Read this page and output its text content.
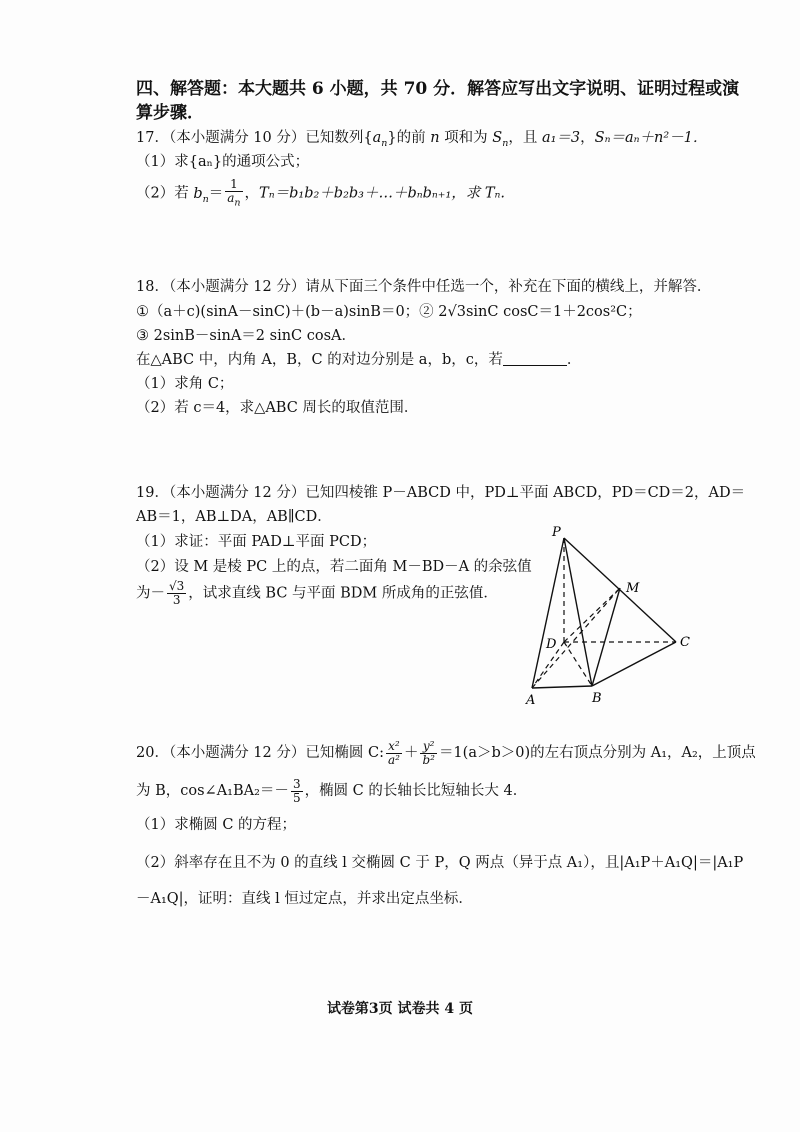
四、解答题：本大题共 6 小题，共 70 分．解答应写出文字说明、证明过程或演
算步骤．
17．（本小题满分 10 分）已知数列$\{a_n\}$的前 n 项和为 $S_n$，且 a₁＝3，Sₙ＝aₙ＋n²－1．
（1）求{aₙ}的通项公式；
（2）若 $b_n= \frac{1}{a_n}$ ，Tₙ＝b₁b₂＋b₂b₃＋…＋bₙbₙ₊₁，求 Tₙ.
18．（本小题满分 12 分）请从下面三个条件中任选一个，补充在下面的横线上，并解答．
①（a＋c)(sinA－sinC)＋(b－a)sinB＝0；② 2√3sinC cosC＝1＋2cos²C；
③ 2sinB－sinA＝2 sinC cosA．
在△ABC 中，内角 A，B，C 的对边分别是 a，b，c，若	．
（1）求角 C；
（2）若 c＝4，求△ABC 周长的取值范围．
19．（本小题满分 12 分）已知四棱锥 P－ABCD 中，PD⊥平面 ABCD，PD＝CD＝2，AD＝
AB＝1，AB⊥DA，AB∥CD．
（1）求证：平面 PAD⊥平面 PCD；
（2）设 M 是棱 PC 上的点，若二面角 M－BD－A 的余弦值
为－ $\frac{√3}{3}$ ，试求直线 BC 与平面 BDM 所成角的正弦值．
P
M
D	C
A	B
20．（本小题满分 12 分）已知椭圆 C: $\frac{\text{x²}}{\text{a²}} + \frac{\text{y²}}{\text{b²}} =1(a>b>0)$的左右顶点分别为 A₁，A₂，上顶点
为 B，cos∠A₁BA₂＝－ $\frac{3}{5}$ ，椭圆 C 的长轴长比短轴长大 4．
（1）求椭圆 C 的方程；
（2）斜率存在且不为 0 的直线 l 交椭圆 C 于 P，Q 两点（异于点 A₁），且|A₁P＋A₁Q|＝|A₁P
－A₁Q|，证明：直线 l 恒过定点，并求出定点坐标．
试卷第3页 试卷共 4 页
